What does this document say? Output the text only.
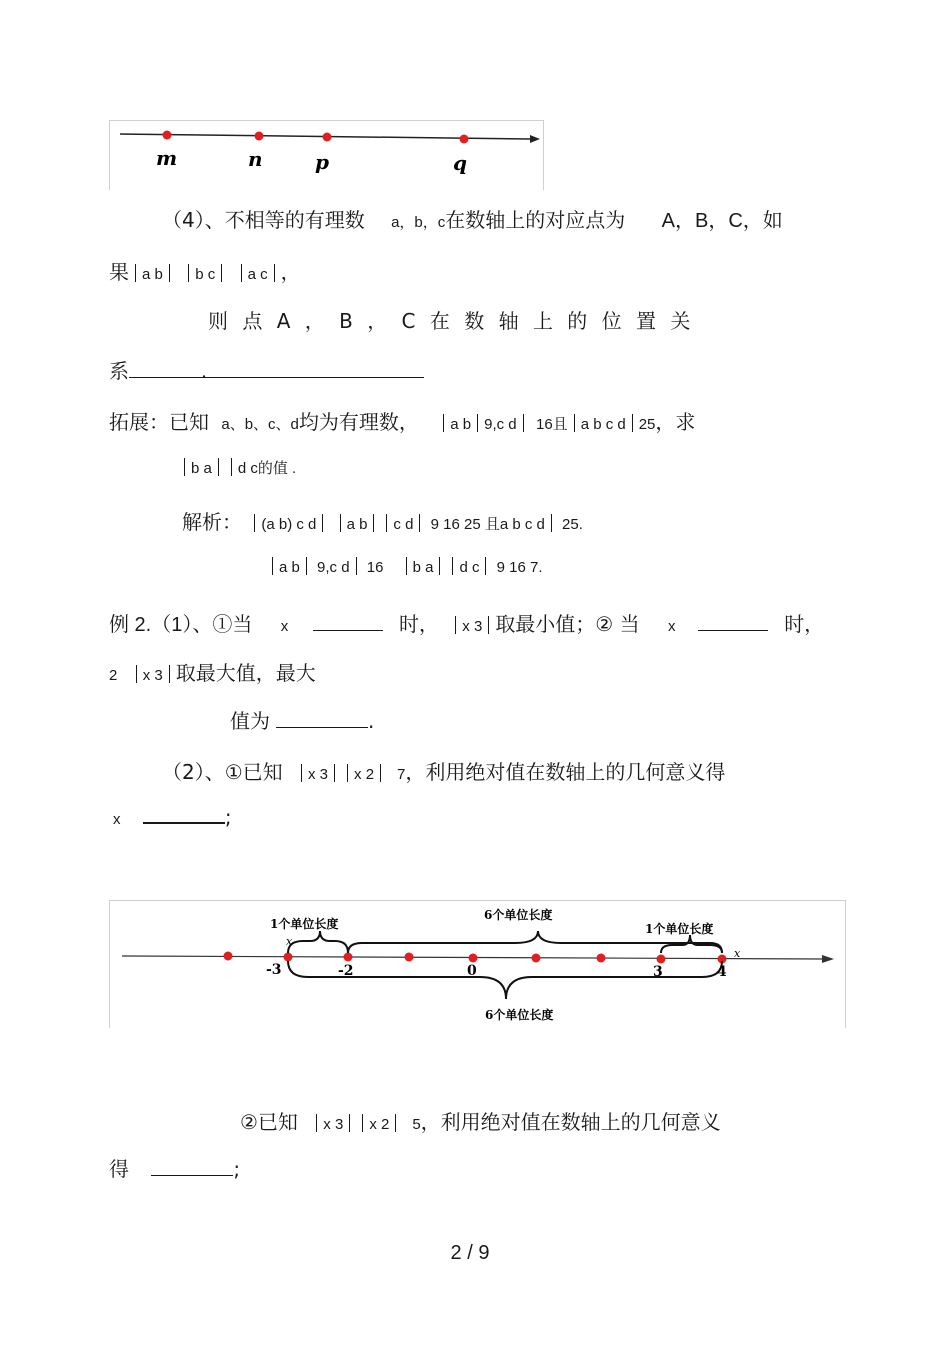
m	n	p	q
（4）、不相等的有理数 a，b，c在数轴上的对应点为 A，B，C，如
果 a b b c a c ，
则 点 A ， B ， C 在 数 轴 上 的 位 置 关
系	.
拓展：已知 a、b、c、d均为有理数， a b 9,c d 16且 a b c d 25，求
b a d c的值 .
解析： (a b) c d a b c d 9 16 25 且a b c d 25.
a b 9,c d 16 b a d c 9 16 7.
例 2.（1）、①当 x	时， x 3 取最小值；② 当 x	时，
2 x 3 取最大值，最大
值为	.
（2）、①已知 x 3 x 2 7，利用绝对值在数轴上的几何意义得
x	;
1个单位长度
6个单位长度
1个单位长度
6个单位长度
x
x
-3	-2	0	3	4
②已知 x 3 x 2 5，利用绝对值在数轴上的几何意义
得	;
2 / 9
